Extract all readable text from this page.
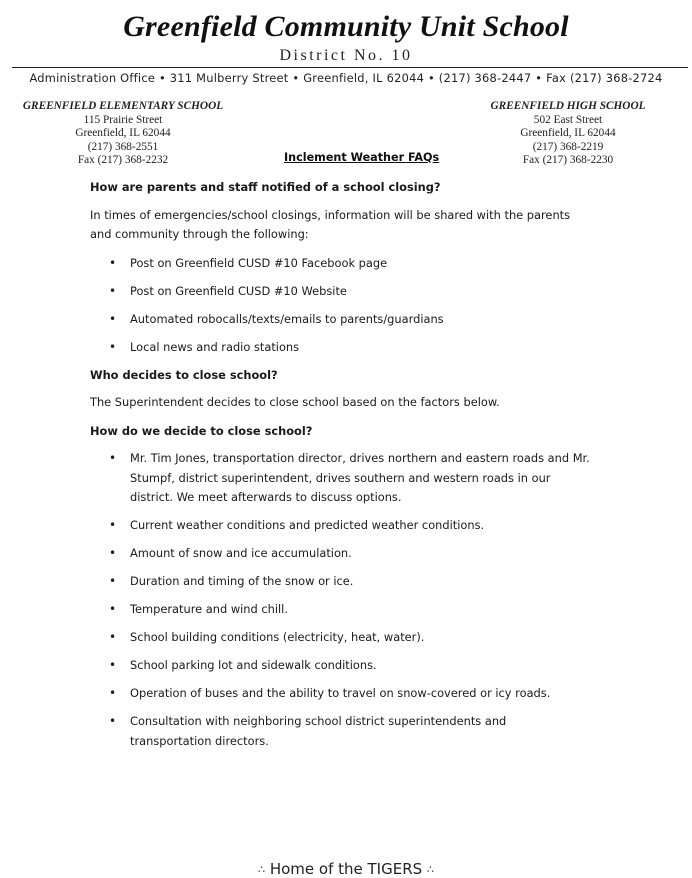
Greenfield Community Unit School
District No. 10
Administration Office • 311 Mulberry Street • Greenfield, IL 62044 • (217) 368-2447 • Fax (217) 368-2724
GREENFIELD ELEMENTARY SCHOOL
115 Prairie Street
Greenfield, IL 62044
(217) 368-2551
Fax (217) 368-2232
GREENFIELD HIGH SCHOOL
502 East Street
Greenfield, IL 62044
(217) 368-2219
Fax (217) 368-2230
Inclement Weather FAQs
How are parents and staff notified of a school closing?
In times of emergencies/school closings, information will be shared with the parents and community through the following:
• Post on Greenfield CUSD #10 Facebook page
• Post on Greenfield CUSD #10 Website
• Automated robocalls/texts/emails to parents/guardians
• Local news and radio stations
Who decides to close school?
The Superintendent decides to close school based on the factors below.
How do we decide to close school?
• Mr. Tim Jones, transportation director, drives northern and eastern roads and Mr. Stumpf, district superintendent, drives southern and western roads in our district. We meet afterwards to discuss options.
• Current weather conditions and predicted weather conditions.
• Amount of snow and ice accumulation.
• Duration and timing of the snow or ice.
• Temperature and wind chill.
• School building conditions (electricity, heat, water).
• School parking lot and sidewalk conditions.
• Operation of buses and the ability to travel on snow-covered or icy roads.
• Consultation with neighboring school district superintendents and transportation directors.
∴ Home of the TIGERS ∴
